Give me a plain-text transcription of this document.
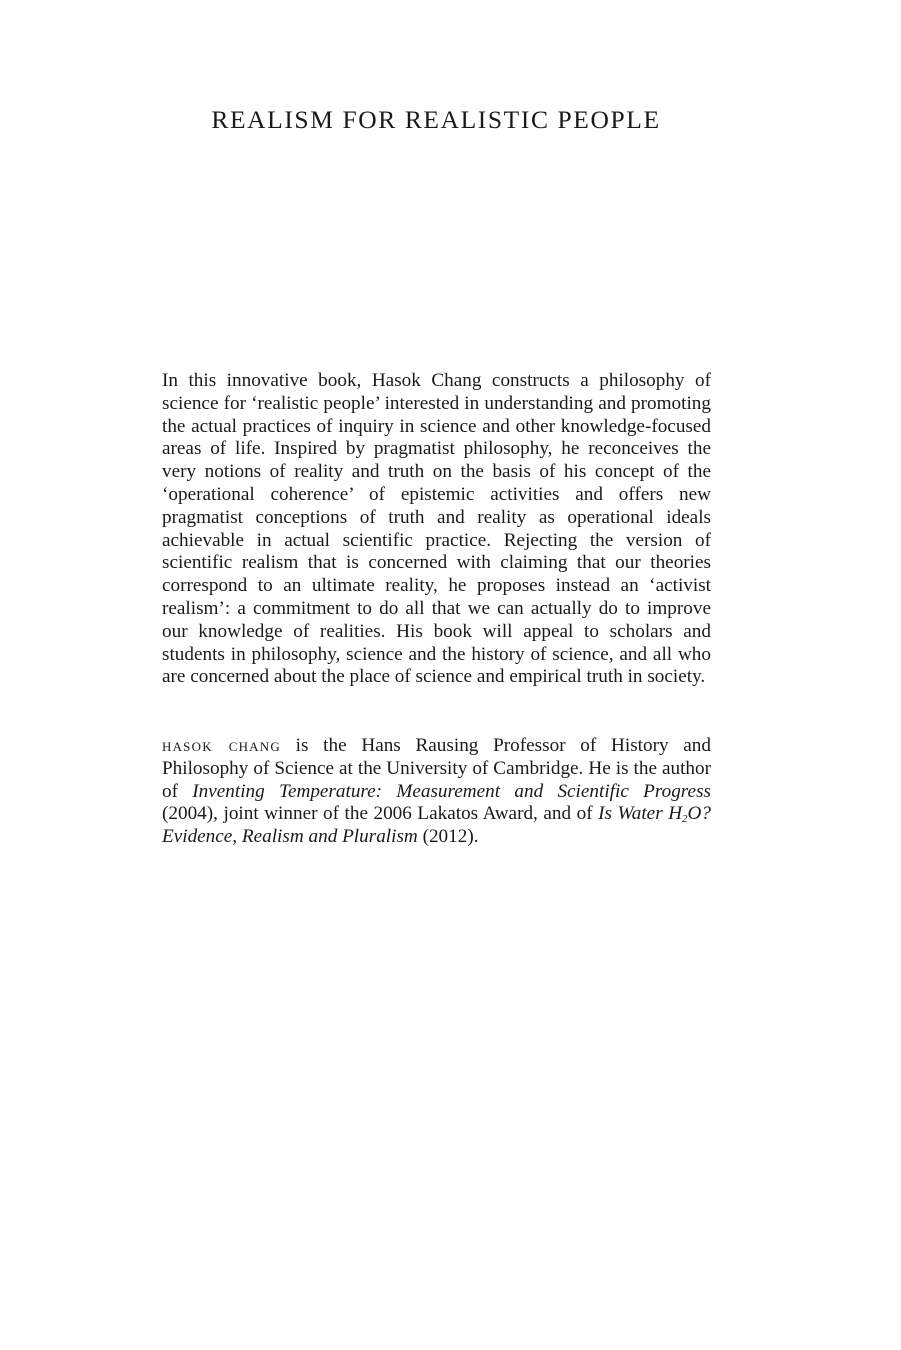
REALISM FOR REALISTIC PEOPLE

In this innovative book, Hasok Chang constructs a philosophy of science for ‘realistic people’ interested in understanding and promoting the actual practices of inquiry in science and other knowledge-focused areas of life. Inspired by pragmatist philosophy, he reconceives the very notions of reality and truth on the basis of his concept of the ‘operational coherence’ of epistemic activities and offers new pragmatist conceptions of truth and reality as operational ideals achievable in actual scientific practice. Rejecting the version of scientific realism that is concerned with claiming that our theories correspond to an ultimate reality, he proposes instead an ‘activist realism’: a commitment to do all that we can actually do to improve our knowledge of realities. His book will appeal to scholars and students in philosophy, science and the history of science, and all who are concerned about the place of science and empirical truth in society.

hasok chang is the Hans Rausing Professor of History and Philosophy of Science at the University of Cambridge. He is the author of Inventing Temperature: Measurement and Scientific Progress (2004), joint winner of the 2006 Lakatos Award, and of Is Water $H_2O$? Evidence, Realism and Pluralism (2012).
